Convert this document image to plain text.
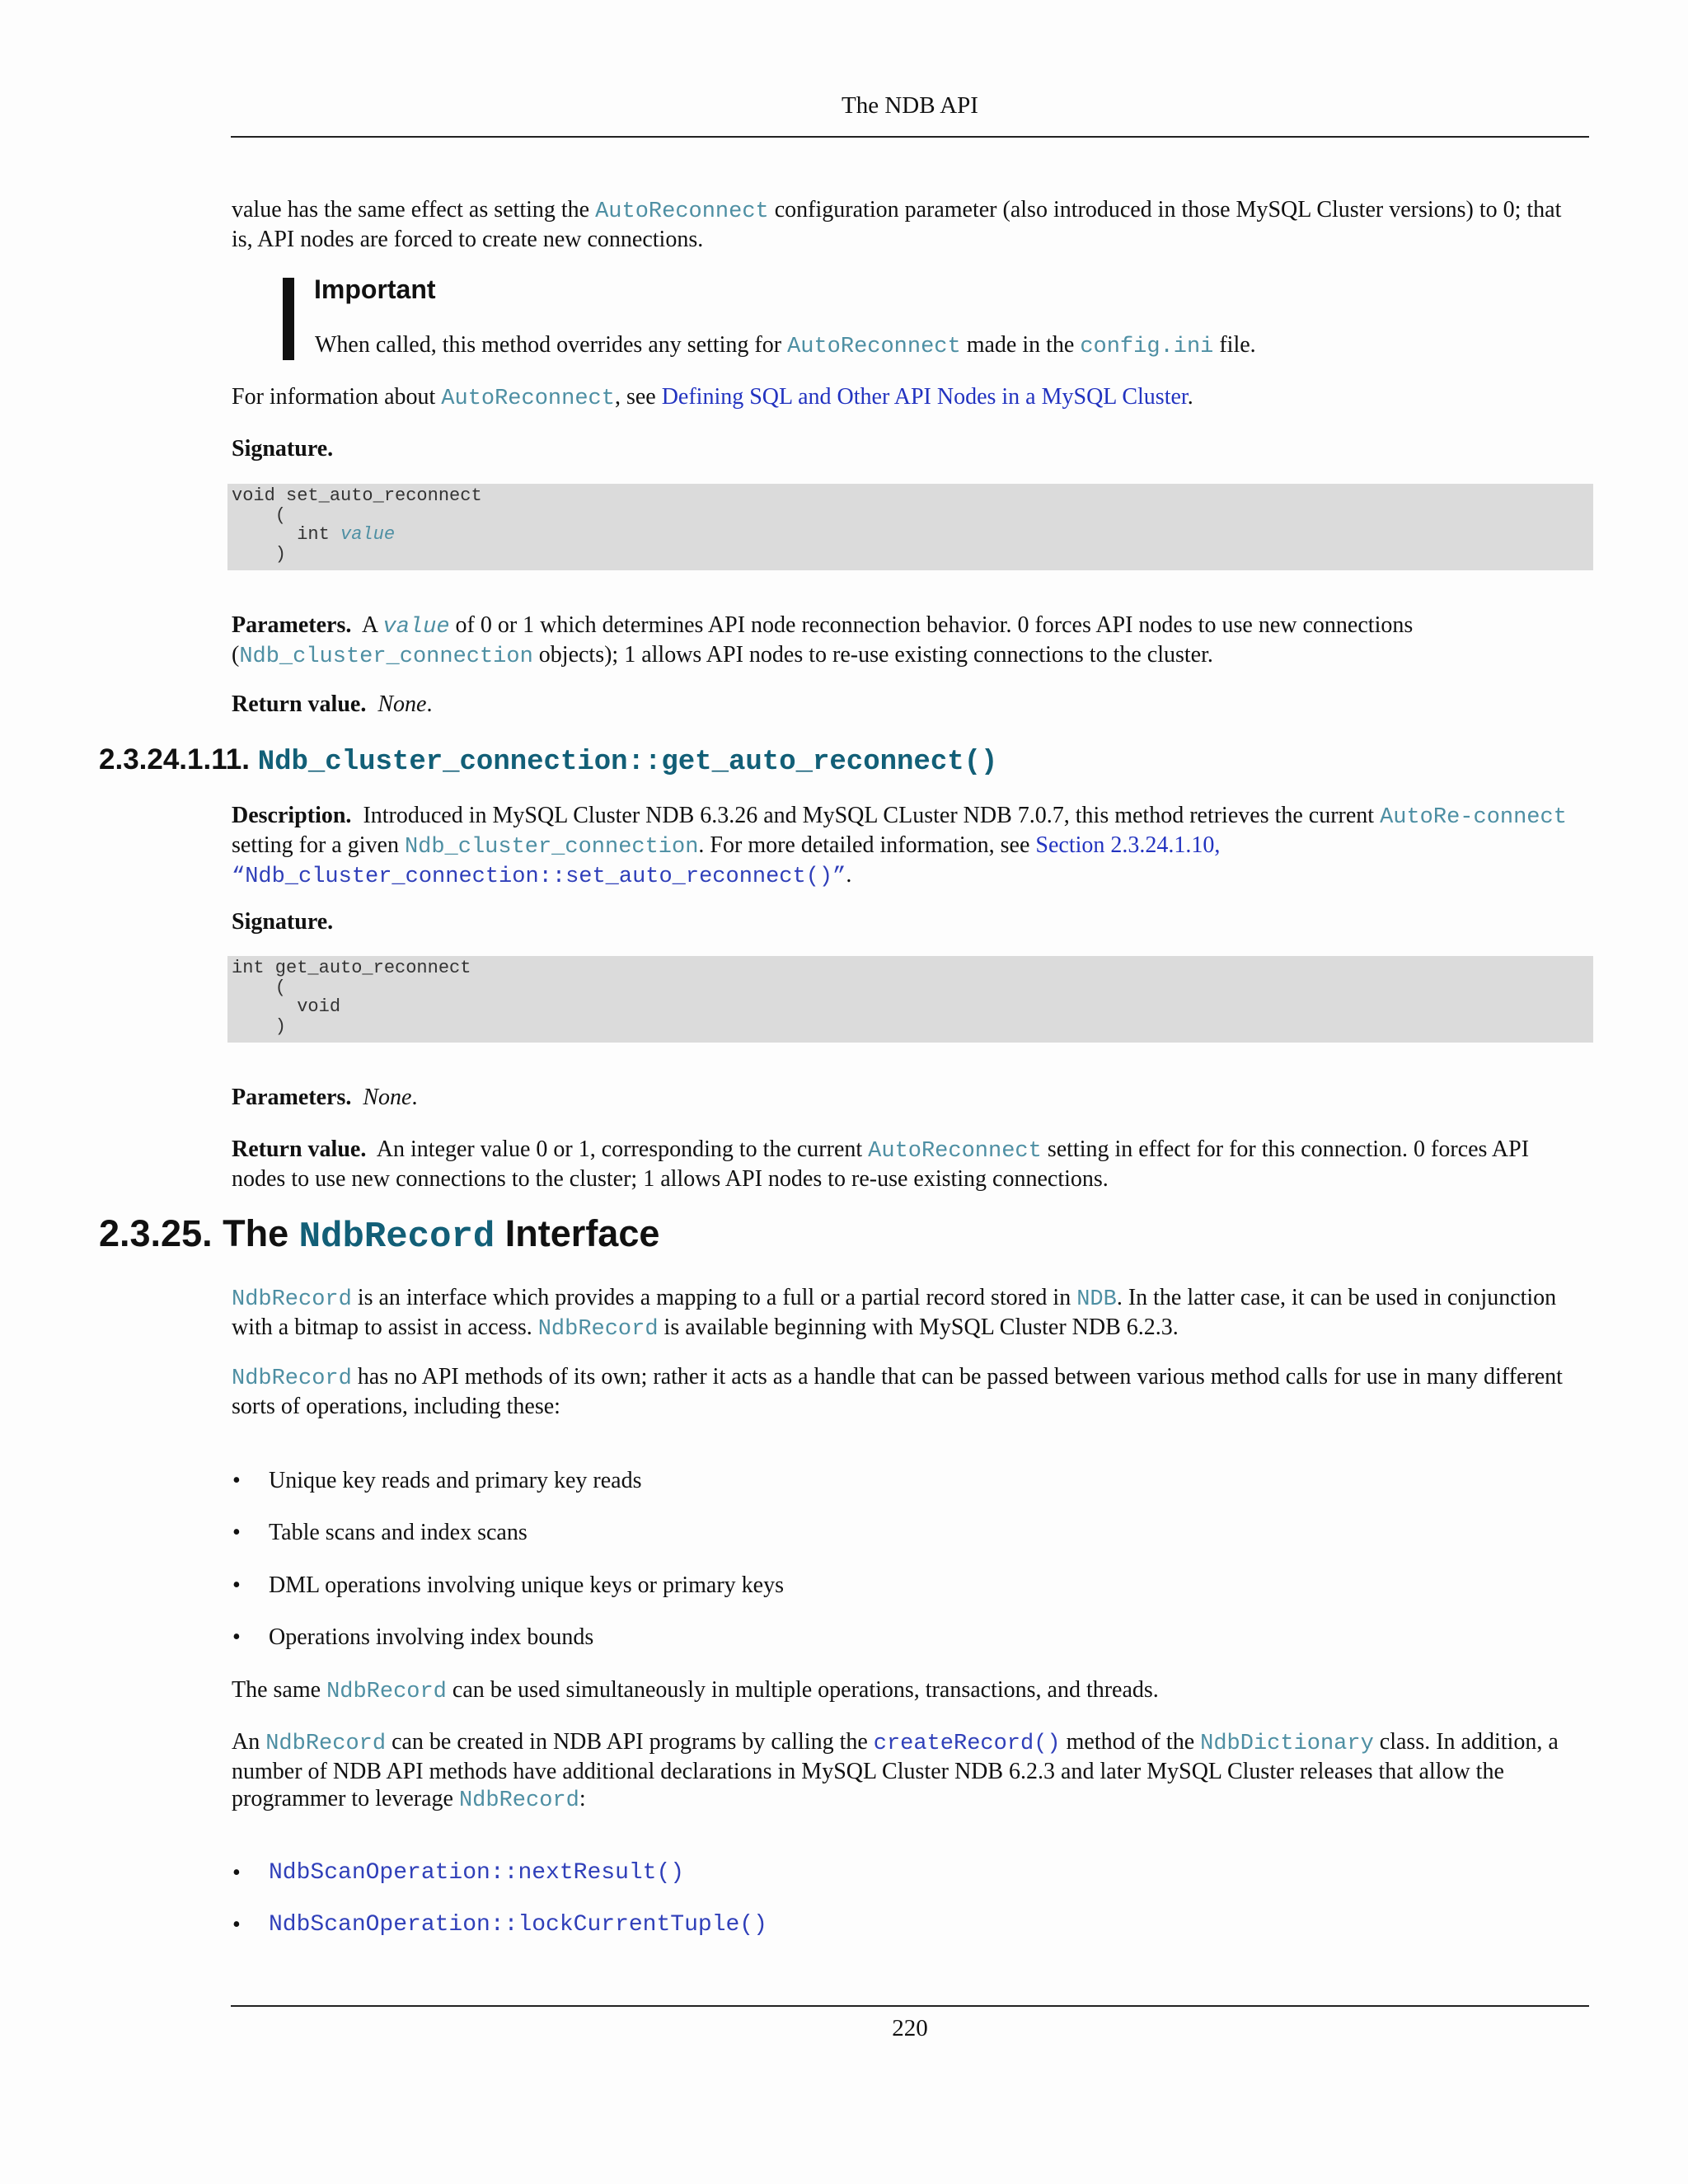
The NDB API
value has the same effect as setting the AutoReconnect configuration parameter (also introduced in those MySQL Cluster versions) to 0; that is, API nodes are forced to create new connections.
Important
When called, this method overrides any setting for AutoReconnect made in the config.ini file.
For information about AutoReconnect, see Defining SQL and Other API Nodes in a MySQL Cluster.
Signature.
void set_auto_reconnect
(
int value
)
Parameters. A value of 0 or 1 which determines API node reconnection behavior. 0 forces API nodes to use new connections (Ndb_cluster_connection objects); 1 allows API nodes to re-use existing connections to the cluster.
Return value. None.
2.3.24.1.11. Ndb_cluster_connection::get_auto_reconnect()
Description. Introduced in MySQL Cluster NDB 6.3.26 and MySQL CLuster NDB 7.0.7, this method retrieves the current AutoRe-connect setting for a given Ndb_cluster_connection. For more detailed information, see Section 2.3.24.1.10, “Ndb_cluster_connection::set_auto_reconnect()”.
Signature.
int get_auto_reconnect
(
void
)
Parameters. None.
Return value. An integer value 0 or 1, corresponding to the current AutoReconnect setting in effect for for this connection. 0 forces API nodes to use new connections to the cluster; 1 allows API nodes to re-use existing connections.
2.3.25. The NdbRecord Interface
NdbRecord is an interface which provides a mapping to a full or a partial record stored in NDB. In the latter case, it can be used in conjunction with a bitmap to assist in access. NdbRecord is available beginning with MySQL Cluster NDB 6.2.3.
NdbRecord has no API methods of its own; rather it acts as a handle that can be passed between various method calls for use in many different sorts of operations, including these:
• Unique key reads and primary key reads
• Table scans and index scans
• DML operations involving unique keys or primary keys
• Operations involving index bounds
The same NdbRecord can be used simultaneously in multiple operations, transactions, and threads.
An NdbRecord can be created in NDB API programs by calling the createRecord() method of the NdbDictionary class. In addition, a number of NDB API methods have additional declarations in MySQL Cluster NDB 6.2.3 and later MySQL Cluster releases that allow the programmer to leverage NdbRecord:
• NdbScanOperation::nextResult()
• NdbScanOperation::lockCurrentTuple()
220
